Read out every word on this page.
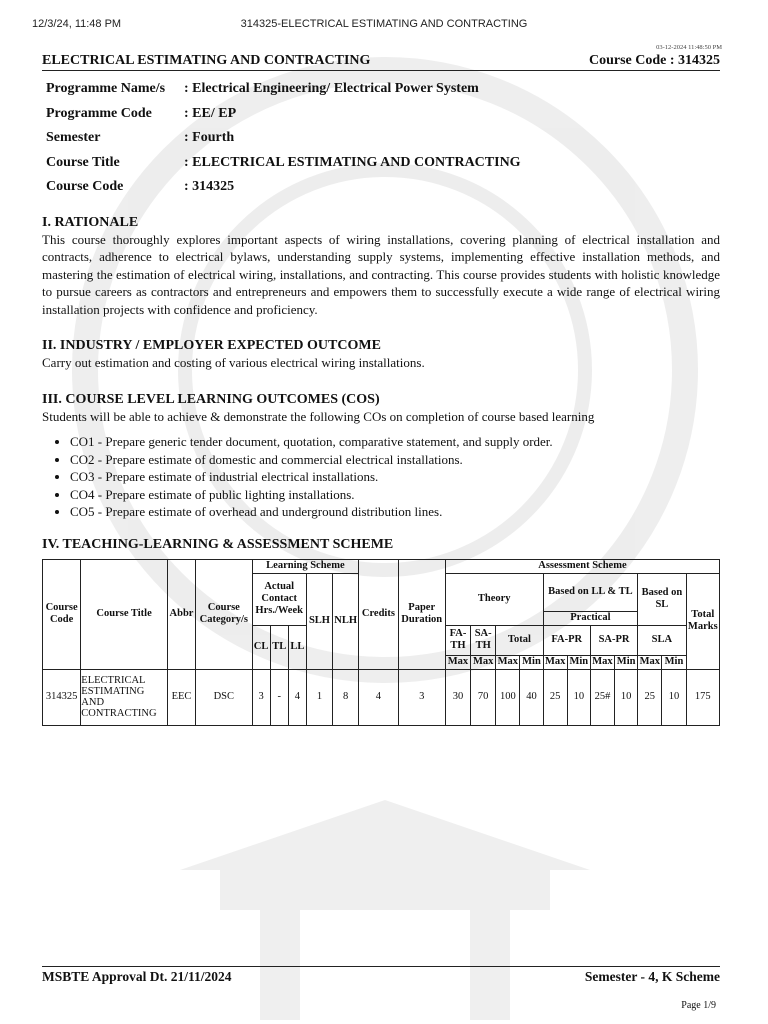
12/3/24, 11:48 PM	314325-ELECTRICAL ESTIMATING AND CONTRACTING
03-12-2024 11:48:50 PM
ELECTRICAL ESTIMATING AND CONTRACTING	Course Code : 314325
Programme Name/s	: Electrical Engineering/ Electrical Power System
Programme Code	: EE/ EP
Semester	: Fourth
Course Title	: ELECTRICAL ESTIMATING AND CONTRACTING
Course Code	: 314325
I. RATIONALE
This course thoroughly explores important aspects of wiring installations, covering planning of electrical installation and contracts, adherence to electrical bylaws, understanding supply systems, implementing effective installation methods, and mastering the estimation of electrical wiring, installations, and contracting. This course provides students with holistic knowledge to pursue careers as contractors and entrepreneurs and empowers them to successfully execute a wide range of electrical wiring installation projects with confidence and proficiency.
II. INDUSTRY / EMPLOYER EXPECTED OUTCOME
Carry out estimation and costing of various electrical wiring installations.
III. COURSE LEVEL LEARNING OUTCOMES (COS)
Students will be able to achieve & demonstrate the following COs on completion of course based learning
• CO1 - Prepare generic tender document, quotation, comparative statement, and supply order.
• CO2 - Prepare estimate of domestic and commercial electrical installations.
• CO3 - Prepare estimate of industrial electrical installations.
• CO4 - Prepare estimate of public lighting installations.
• CO5 - Prepare estimate of overhead and underground distribution lines.
IV. TEACHING-LEARNING & ASSESSMENT SCHEME
Course Code	Course Title	Abbr	Course Category/s	Learning Scheme					Credits	Paper Duration	Assessment Scheme										
				Actual Contact Hrs./Week			SLH	NLH			Theory				Based on LL & TL				Based on SL		Total Marks
															Practical						
				CL	TL	LL					FA-TH	SA-TH	Total		FA-PR		SA-PR		SLA		
											Max	Max	Max	Min	Max	Min	Max	Min	Max	Min	
314325	ELECTRICAL ESTIMATING AND CONTRACTING	EEC	DSC	3	-	4	1	8	4	3	30	70	100	40	25	10	25#	10	25	10	175
MSBTE Approval Dt. 21/11/2024	Semester - 4, K Scheme
Page 1/9
